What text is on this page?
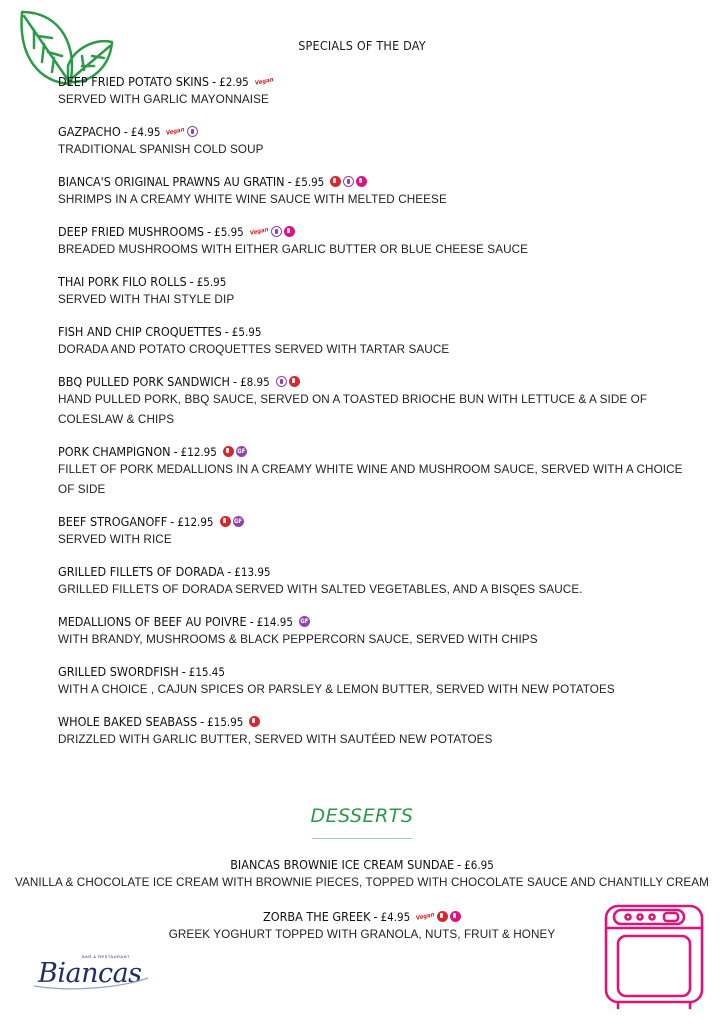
SPECIALS OF THE DAY
DEEP FRIED POTATO SKINS - £2.95 Vegan
SERVED WITH GARLIC MAYONNAISE
GAZPACHO - £4.95 Vegan
TRADITIONAL SPANISH COLD SOUP
BIANCA'S ORIGINAL PRAWNS AU GRATIN - £5.95
SHRIMPS IN A CREAMY WHITE WINE SAUCE WITH MELTED CHEESE
DEEP FRIED MUSHROOMS - £5.95 Vegan
BREADED MUSHROOMS WITH EITHER GARLIC BUTTER OR BLUE CHEESE SAUCE
THAI PORK FILO ROLLS - £5.95
SERVED WITH THAI STYLE DIP
FISH AND CHIP CROQUETTES - £5.95
DORADA AND POTATO CROQUETTES SERVED WITH TARTAR SAUCE
BBQ PULLED PORK SANDWICH - £8.95
HAND PULLED PORK, BBQ SAUCE, SERVED ON A TOASTED BRIOCHE BUN WITH LETTUCE & A SIDE OF COLESLAW & CHIPS
PORK CHAMPIGNON - £12.95	GF
FILLET OF PORK MEDALLIONS IN A CREAMY WHITE WINE AND MUSHROOM SAUCE, SERVED WITH A CHOICE OF SIDE
BEEF STROGANOFF - £12.95	GF
SERVED WITH RICE
GRILLED FILLETS OF DORADA - £13.95
GRILLED FILLETS OF DORADA SERVED WITH SALTED VEGETABLES, AND A BISQES SAUCE.
MEDALLIONS OF BEEF AU POIVRE - £14.95 GF
WITH BRANDY, MUSHROOMS & BLACK PEPPERCORN SAUCE, SERVED WITH CHIPS
GRILLED SWORDFISH - £15.45
WITH A CHOICE , CAJUN SPICES OR PARSLEY & LEMON BUTTER, SERVED WITH NEW POTATOES
WHOLE BAKED SEABASS - £15.95
DRIZZLED WITH GARLIC BUTTER, SERVED WITH SAUTÉED NEW POTATOES
DESSERTS
BIANCAS BROWNIE ICE CREAM SUNDAE - £6.95
VANILLA & CHOCOLATE ICE CREAM WITH BROWNIE PIECES, TOPPED WITH CHOCOLATE SAUCE AND CHANTILLY CREAM
ZORBA THE GREEK - £4.95 Vegan
GREEK YOGHURT TOPPED WITH GRANOLA, NUTS, FRUIT & HONEY
BAR & RESTAURANT
Biancas
